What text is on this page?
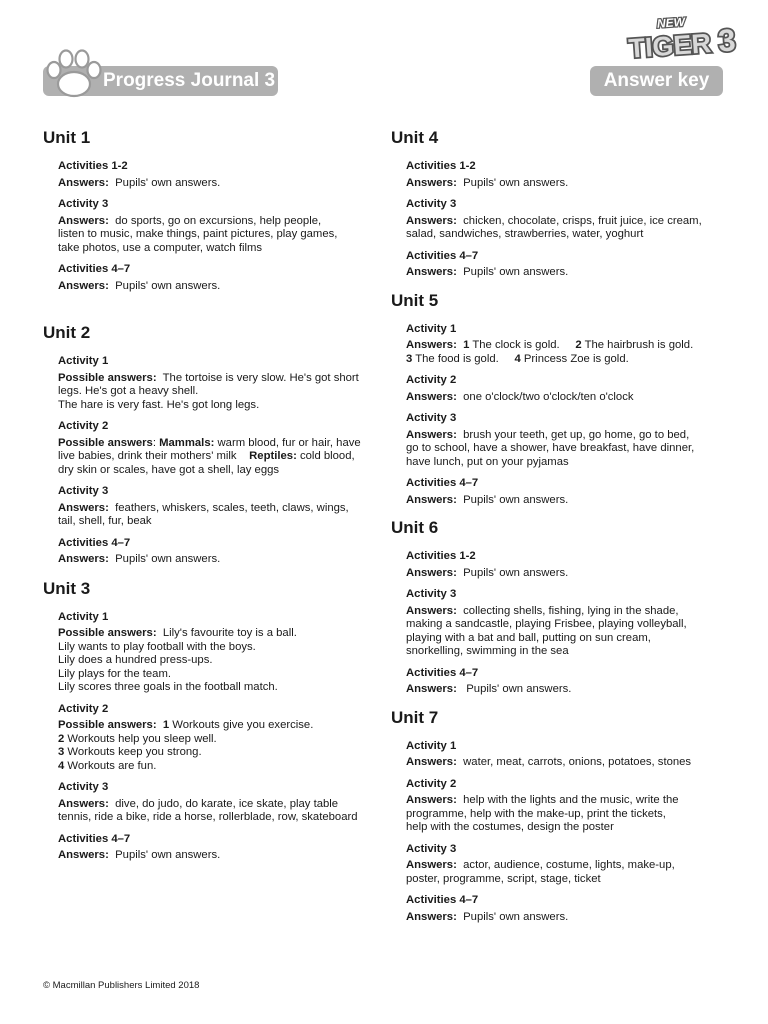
Progress Journal 3	Answer key
NEW
TIGER 3
Unit 1
Activities 1-2
Answers:  Pupils' own answers.
Activity 3
Answers:  do sports, go on excursions, help people,
listen to music, make things, paint pictures, play games,
take photos, use a computer, watch films
Activities 4–7
Answers:  Pupils' own answers.
Unit 2
Activity 1
Possible answers:  The tortoise is very slow. He's got short
legs. He's got a heavy shell.
The hare is very fast. He's got long legs.
Activity 2
Possible answers: Mammals: warm blood, fur or hair, have
live babies, drink their mothers' milk    Reptiles: cold blood,
dry skin or scales, have got a shell, lay eggs
Activity 3
Answers:  feathers, whiskers, scales, teeth, claws, wings,
tail, shell, fur, beak
Activities 4–7
Answers:  Pupils' own answers.
Unit 3
Activity 1
Possible answers:  Lily's favourite toy is a ball.
Lily wants to play football with the boys.
Lily does a hundred press-ups.
Lily plays for the team.
Lily scores three goals in the football match.
Activity 2
Possible answers: 1 Workouts give you exercise.
2 Workouts help you sleep well.
3 Workouts keep you strong.
4 Workouts are fun.
Activity 3
Answers:  dive, do judo, do karate, ice skate, play table
tennis, ride a bike, ride a horse, rollerblade, row, skateboard
Activities 4–7
Answers:  Pupils' own answers.
Unit 4
Activities 1-2
Answers:  Pupils' own answers.
Activity 3
Answers:  chicken, chocolate, crisps, fruit juice, ice cream,
salad, sandwiches, strawberries, water, yoghurt
Activities 4–7
Answers:  Pupils' own answers.
Unit 5
Activity 1
Answers: 1 The clock is gold.     2 The hairbrush is gold.
3 The food is gold.     4 Princess Zoe is gold.
Activity 2
Answers:  one o'clock/two o'clock/ten o'clock
Activity 3
Answers:  brush your teeth, get up, go home, go to bed,
go to school, have a shower, have breakfast, have dinner,
have lunch, put on your pyjamas
Activities 4–7
Answers:  Pupils' own answers.
Unit 6
Activities 1-2
Answers:  Pupils' own answers.
Activity 3
Answers:  collecting shells, fishing, lying in the shade,
making a sandcastle, playing Frisbee, playing volleyball,
playing with a bat and ball, putting on sun cream,
snorkelling, swimming in the sea
Activities 4–7
Answers:   Pupils' own answers.
Unit 7
Activity 1
Answers:  water, meat, carrots, onions, potatoes, stones
Activity 2
Answers:  help with the lights and the music, write the
programme, help with the make-up, print the tickets,
help with the costumes, design the poster
Activity 3
Answers:  actor, audience, costume, lights, make-up,
poster, programme, script, stage, ticket
Activities 4–7
Answers:  Pupils' own answers.
© Macmillan Publishers Limited 2018
